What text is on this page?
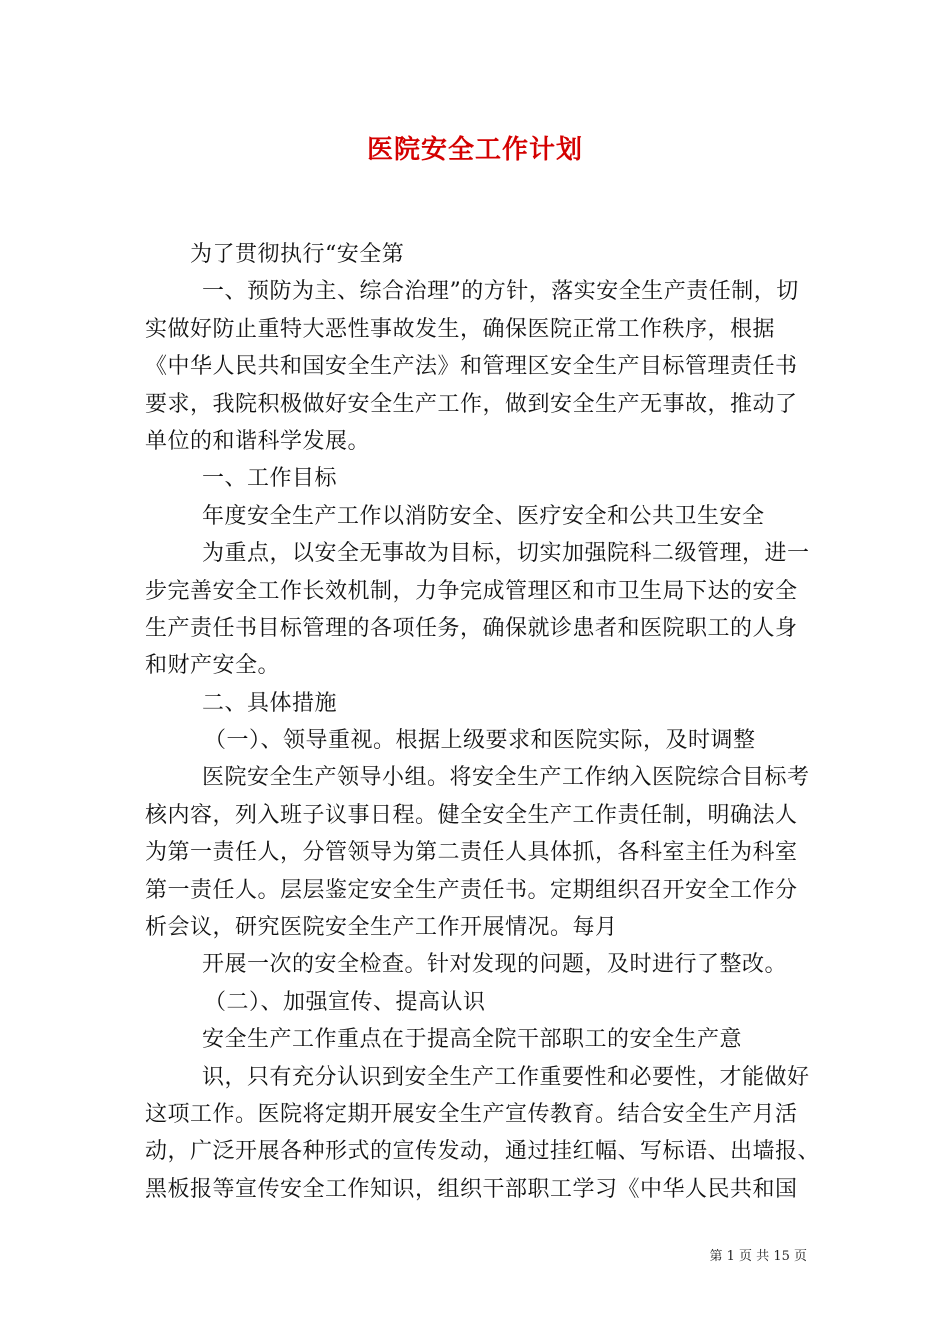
医院安全工作计划
为了贯彻执行“安全第
一、预防为主、综合治理”的方针，落实安全生产责任制，切
实做好防止重特大恶性事故发生，确保医院正常工作秩序，根据
《中华人民共和国安全生产法》和管理区安全生产目标管理责任书
要求，我院积极做好安全生产工作，做到安全生产无事故，推动了
单位的和谐科学发展。
一、工作目标
年度安全生产工作以消防安全、医疗安全和公共卫生安全
为重点，以安全无事故为目标，切实加强院科二级管理，进一
步完善安全工作长效机制，力争完成管理区和市卫生局下达的安全
生产责任书目标管理的各项任务，确保就诊患者和医院职工的人身
和财产安全。
二、具体措施
（一）、领导重视。根据上级要求和医院实际，及时调整
医院安全生产领导小组。将安全生产工作纳入医院综合目标考
核内容，列入班子议事日程。健全安全生产工作责任制，明确法人
为第一责任人，分管领导为第二责任人具体抓，各科室主任为科室
第一责任人。层层鉴定安全生产责任书。定期组织召开安全工作分
析会议，研究医院安全生产工作开展情况。每月
开展一次的安全检查。针对发现的问题，及时进行了整改。
（二）、加强宣传、提高认识
安全生产工作重点在于提高全院干部职工的安全生产意
识，只有充分认识到安全生产工作重要性和必要性，才能做好
这项工作。医院将定期开展安全生产宣传教育。结合安全生产月活
动，广泛开展各种形式的宣传发动，通过挂红幅、写标语、出墙报、
黑板报等宣传安全工作知识，组织干部职工学习《中华人民共和国
第 1 页 共 15 页
